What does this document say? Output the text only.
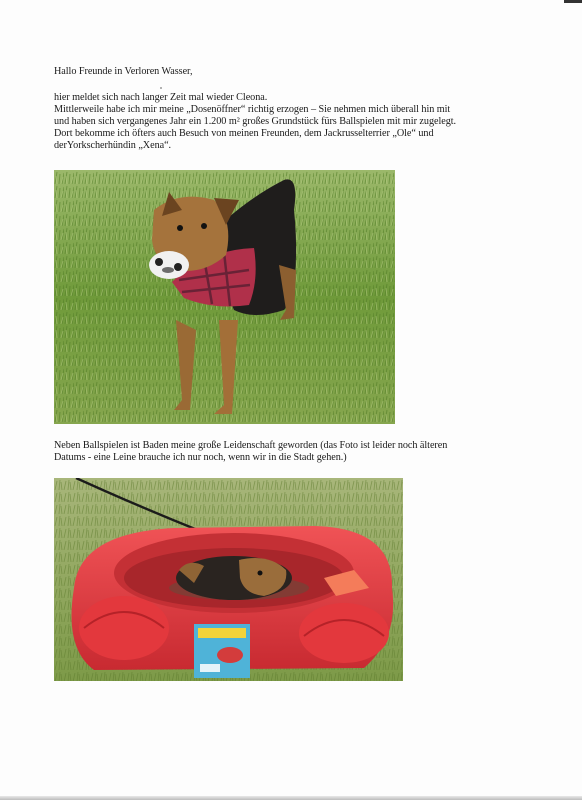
Hallo Freunde in Verloren Wasser,
hier meldet sich nach langer Zeit mal wieder Cleona.
Mittlerweile habe ich mir meine „Dosenöffner“ richtig erzogen – Sie nehmen mich überall hin mit
und haben sich vergangenes Jahr ein 1.200 m² großes Grundstück fürs Ballspielen mit mir zugelegt.
Dort bekomme ich öfters auch Besuch von meinen Freunden, dem Jackrusselterrier „Ole“ und
derYorkscherhündin „Xena“.
Neben Ballspielen ist Baden meine große Leidenschaft geworden (das Foto ist leider noch älteren
Datums - eine Leine brauche ich nur noch, wenn wir in die Stadt gehen.)
